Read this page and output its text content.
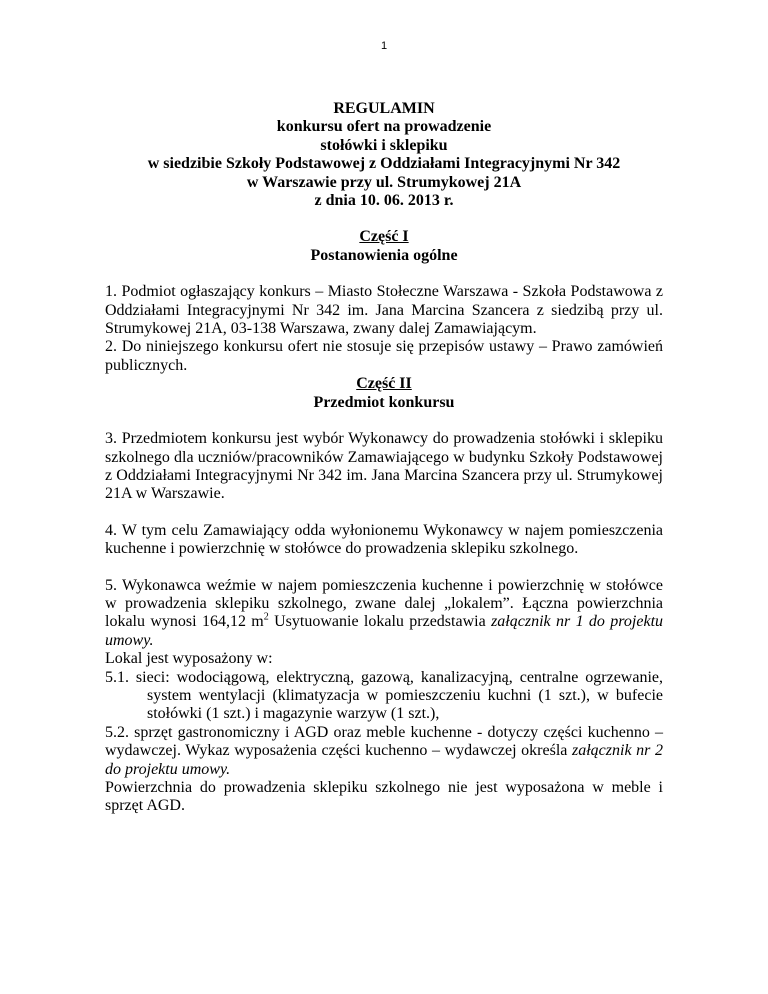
1
REGULAMIN
konkursu ofert na prowadzenie
stołówki i sklepiku
w siedzibie Szkoły Podstawowej z Oddziałami Integracyjnymi Nr 342
w Warszawie przy ul. Strumykowej 21A
z dnia 10. 06. 2013 r.
Część I
Postanowienia ogólne

1. Podmiot ogłaszający konkurs – Miasto Stołeczne Warszawa - Szkoła Podstawowa z Oddziałami Integracyjnymi Nr 342 im. Jana Marcina Szancera z siedzibą przy ul. Strumykowej 21A, 03-138 Warszawa, zwany dalej Zamawiającym.

2. Do niniejszego konkursu ofert nie stosuje się przepisów ustawy – Prawo zamówień publicznych.

Część II
Przedmiot konkursu

3. Przedmiotem konkursu jest wybór Wykonawcy do prowadzenia stołówki i sklepiku szkolnego dla uczniów/pracowników Zamawiającego w budynku Szkoły Podstawowej z Oddziałami Integracyjnymi Nr 342 im. Jana Marcina Szancera przy ul. Strumykowej 21A w Warszawie.

4. W tym celu Zamawiający odda wyłonionemu Wykonawcy w najem pomieszczenia kuchenne i powierzchnię w stołówce do prowadzenia sklepiku szkolnego.

5. Wykonawca weźmie w najem pomieszczenia kuchenne i powierzchnię w stołówce w prowadzenia sklepiku szkolnego, zwane dalej „lokalem”. Łączna powierzchnia lokalu wynosi 164,12 $m^2$ Usytuowanie lokalu przedstawia załącznik nr 1 do projektu umowy.

Lokal jest wyposażony w:

5.1. sieci: wodociągową, elektryczną, gazową, kanalizacyjną, centralne ogrzewanie, system wentylacji (klimatyzacja w pomieszczeniu kuchni (1 szt.), w bufecie stołówki (1 szt.) i magazynie warzyw (1 szt.),

5.2. sprzęt gastronomiczny i AGD oraz meble kuchenne - dotyczy części kuchenno – wydawczej. Wykaz wyposażenia części kuchenno – wydawczej określa załącznik nr 2 do projektu umowy.

Powierzchnia do prowadzenia sklepiku szkolnego nie jest wyposażona w meble i sprzęt AGD.
